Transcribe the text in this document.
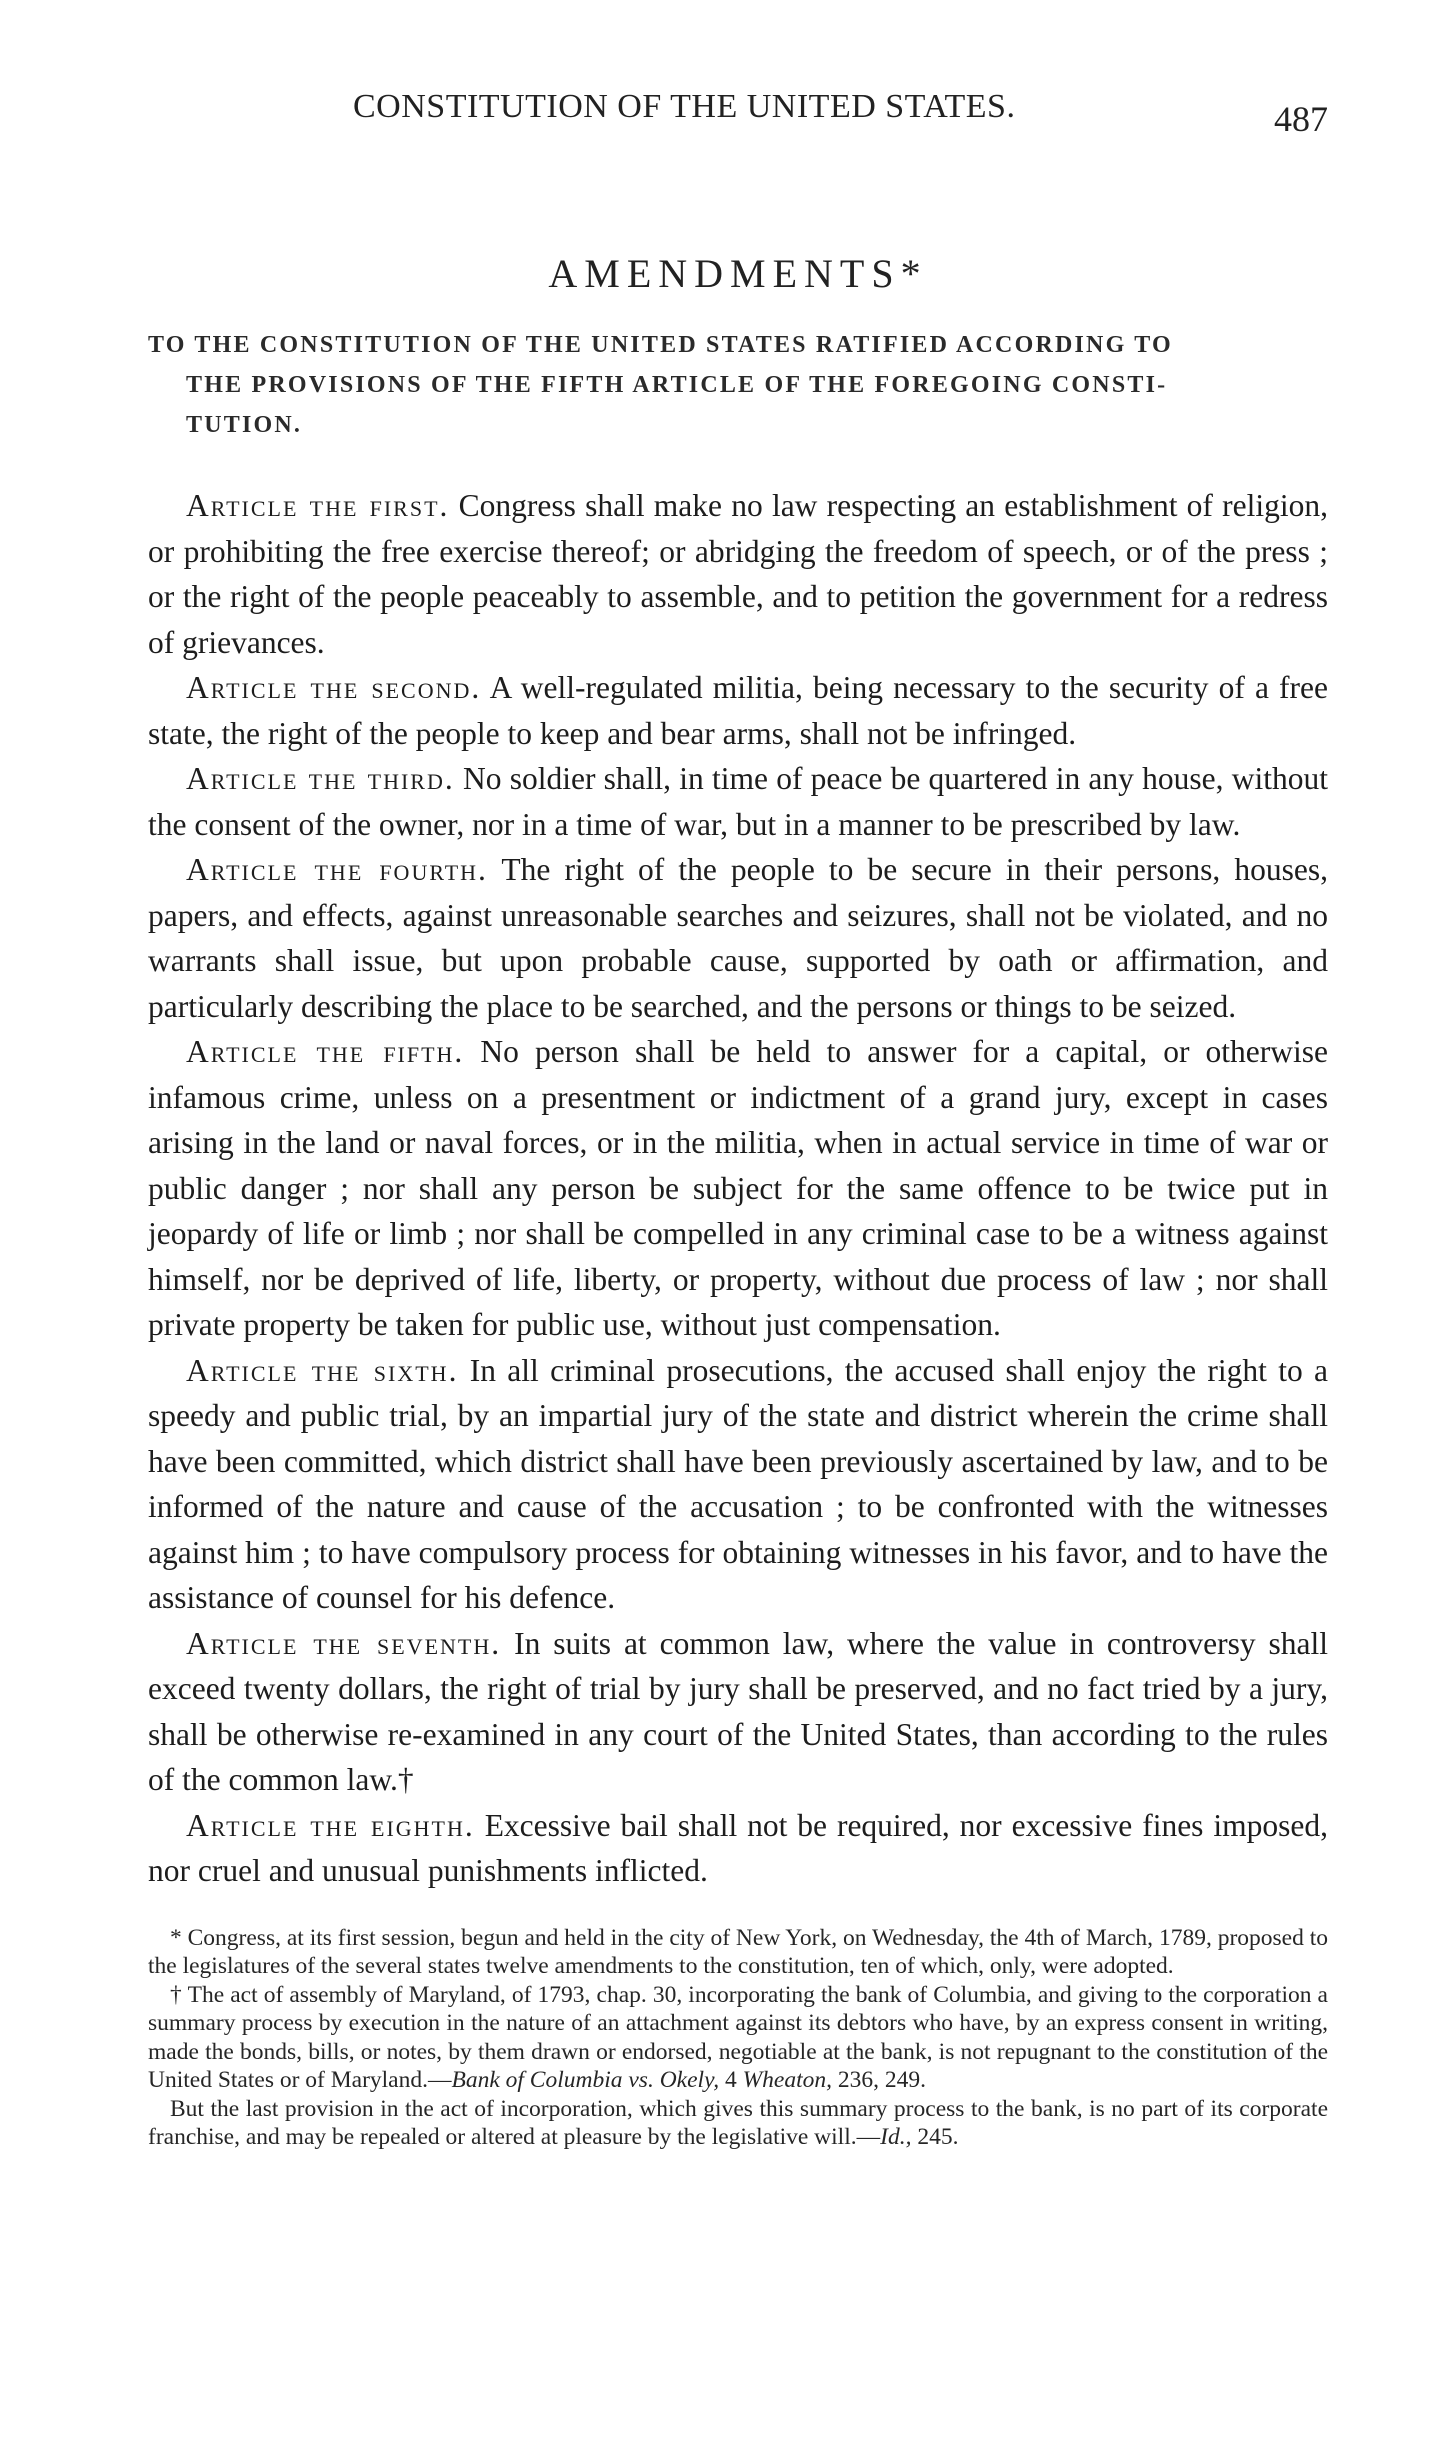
CONSTITUTION OF THE UNITED STATES.	487
AMENDMENTS*
TO THE CONSTITUTION OF THE UNITED STATES RATIFIED ACCORDING TO
THE PROVISIONS OF THE FIFTH ARTICLE OF THE FOREGOING CONSTI-
TUTION.

Article the first. Congress shall make no law respecting an establishment of religion, or prohibiting the free exercise thereof; or abridging the freedom of speech, or of the press ; or the right of the people peaceably to assemble, and to petition the government for a redress of grievances.

Article the second. A well-regulated militia, being necessary to the security of a free state, the right of the people to keep and bear arms, shall not be infringed.

Article the third. No soldier shall, in time of peace be quartered in any house, without the consent of the owner, nor in a time of war, but in a manner to be prescribed by law.

Article the fourth. The right of the people to be secure in their persons, houses, papers, and effects, against unreasonable searches and seizures, shall not be violated, and no warrants shall issue, but upon probable cause, supported by oath or affirmation, and particularly describing the place to be searched, and the persons or things to be seized.

Article the fifth. No person shall be held to answer for a capital, or otherwise infamous crime, unless on a presentment or indictment of a grand jury, except in cases arising in the land or naval forces, or in the militia, when in actual service in time of war or public danger ; nor shall any person be subject for the same offence to be twice put in jeopardy of life or limb ; nor shall be compelled in any criminal case to be a witness against himself, nor be deprived of life, liberty, or property, without due process of law ; nor shall private property be taken for public use, without just compensation.

Article the sixth. In all criminal prosecutions, the accused shall enjoy the right to a speedy and public trial, by an impartial jury of the state and district wherein the crime shall have been committed, which district shall have been previously ascertained by law, and to be informed of the nature and cause of the accusation ; to be confronted with the witnesses against him ; to have compulsory process for obtaining witnesses in his favor, and to have the assistance of counsel for his defence.

Article the seventh. In suits at common law, where the value in controversy shall exceed twenty dollars, the right of trial by jury shall be preserved, and no fact tried by a jury, shall be otherwise re-examined in any court of the United States, than according to the rules of the common law.†

Article the eighth. Excessive bail shall not be required, nor excessive fines imposed, nor cruel and unusual punishments inflicted.

* Congress, at its first session, begun and held in the city of New York, on Wednesday, the 4th of March, 1789, proposed to the legislatures of the several states twelve amendments to the constitution, ten of which, only, were adopted.

† The act of assembly of Maryland, of 1793, chap. 30, incorporating the bank of Columbia, and giving to the corporation a summary process by execution in the nature of an attachment against its debtors who have, by an express consent in writing, made the bonds, bills, or notes, by them drawn or endorsed, negotiable at the bank, is not repugnant to the constitution of the United States or of Maryland.—Bank of Columbia vs. Okely, 4 Wheaton, 236, 249.

But the last provision in the act of incorporation, which gives this summary process to the bank, is no part of its corporate franchise, and may be repealed or altered at pleasure by the legislative will.—Id., 245.
